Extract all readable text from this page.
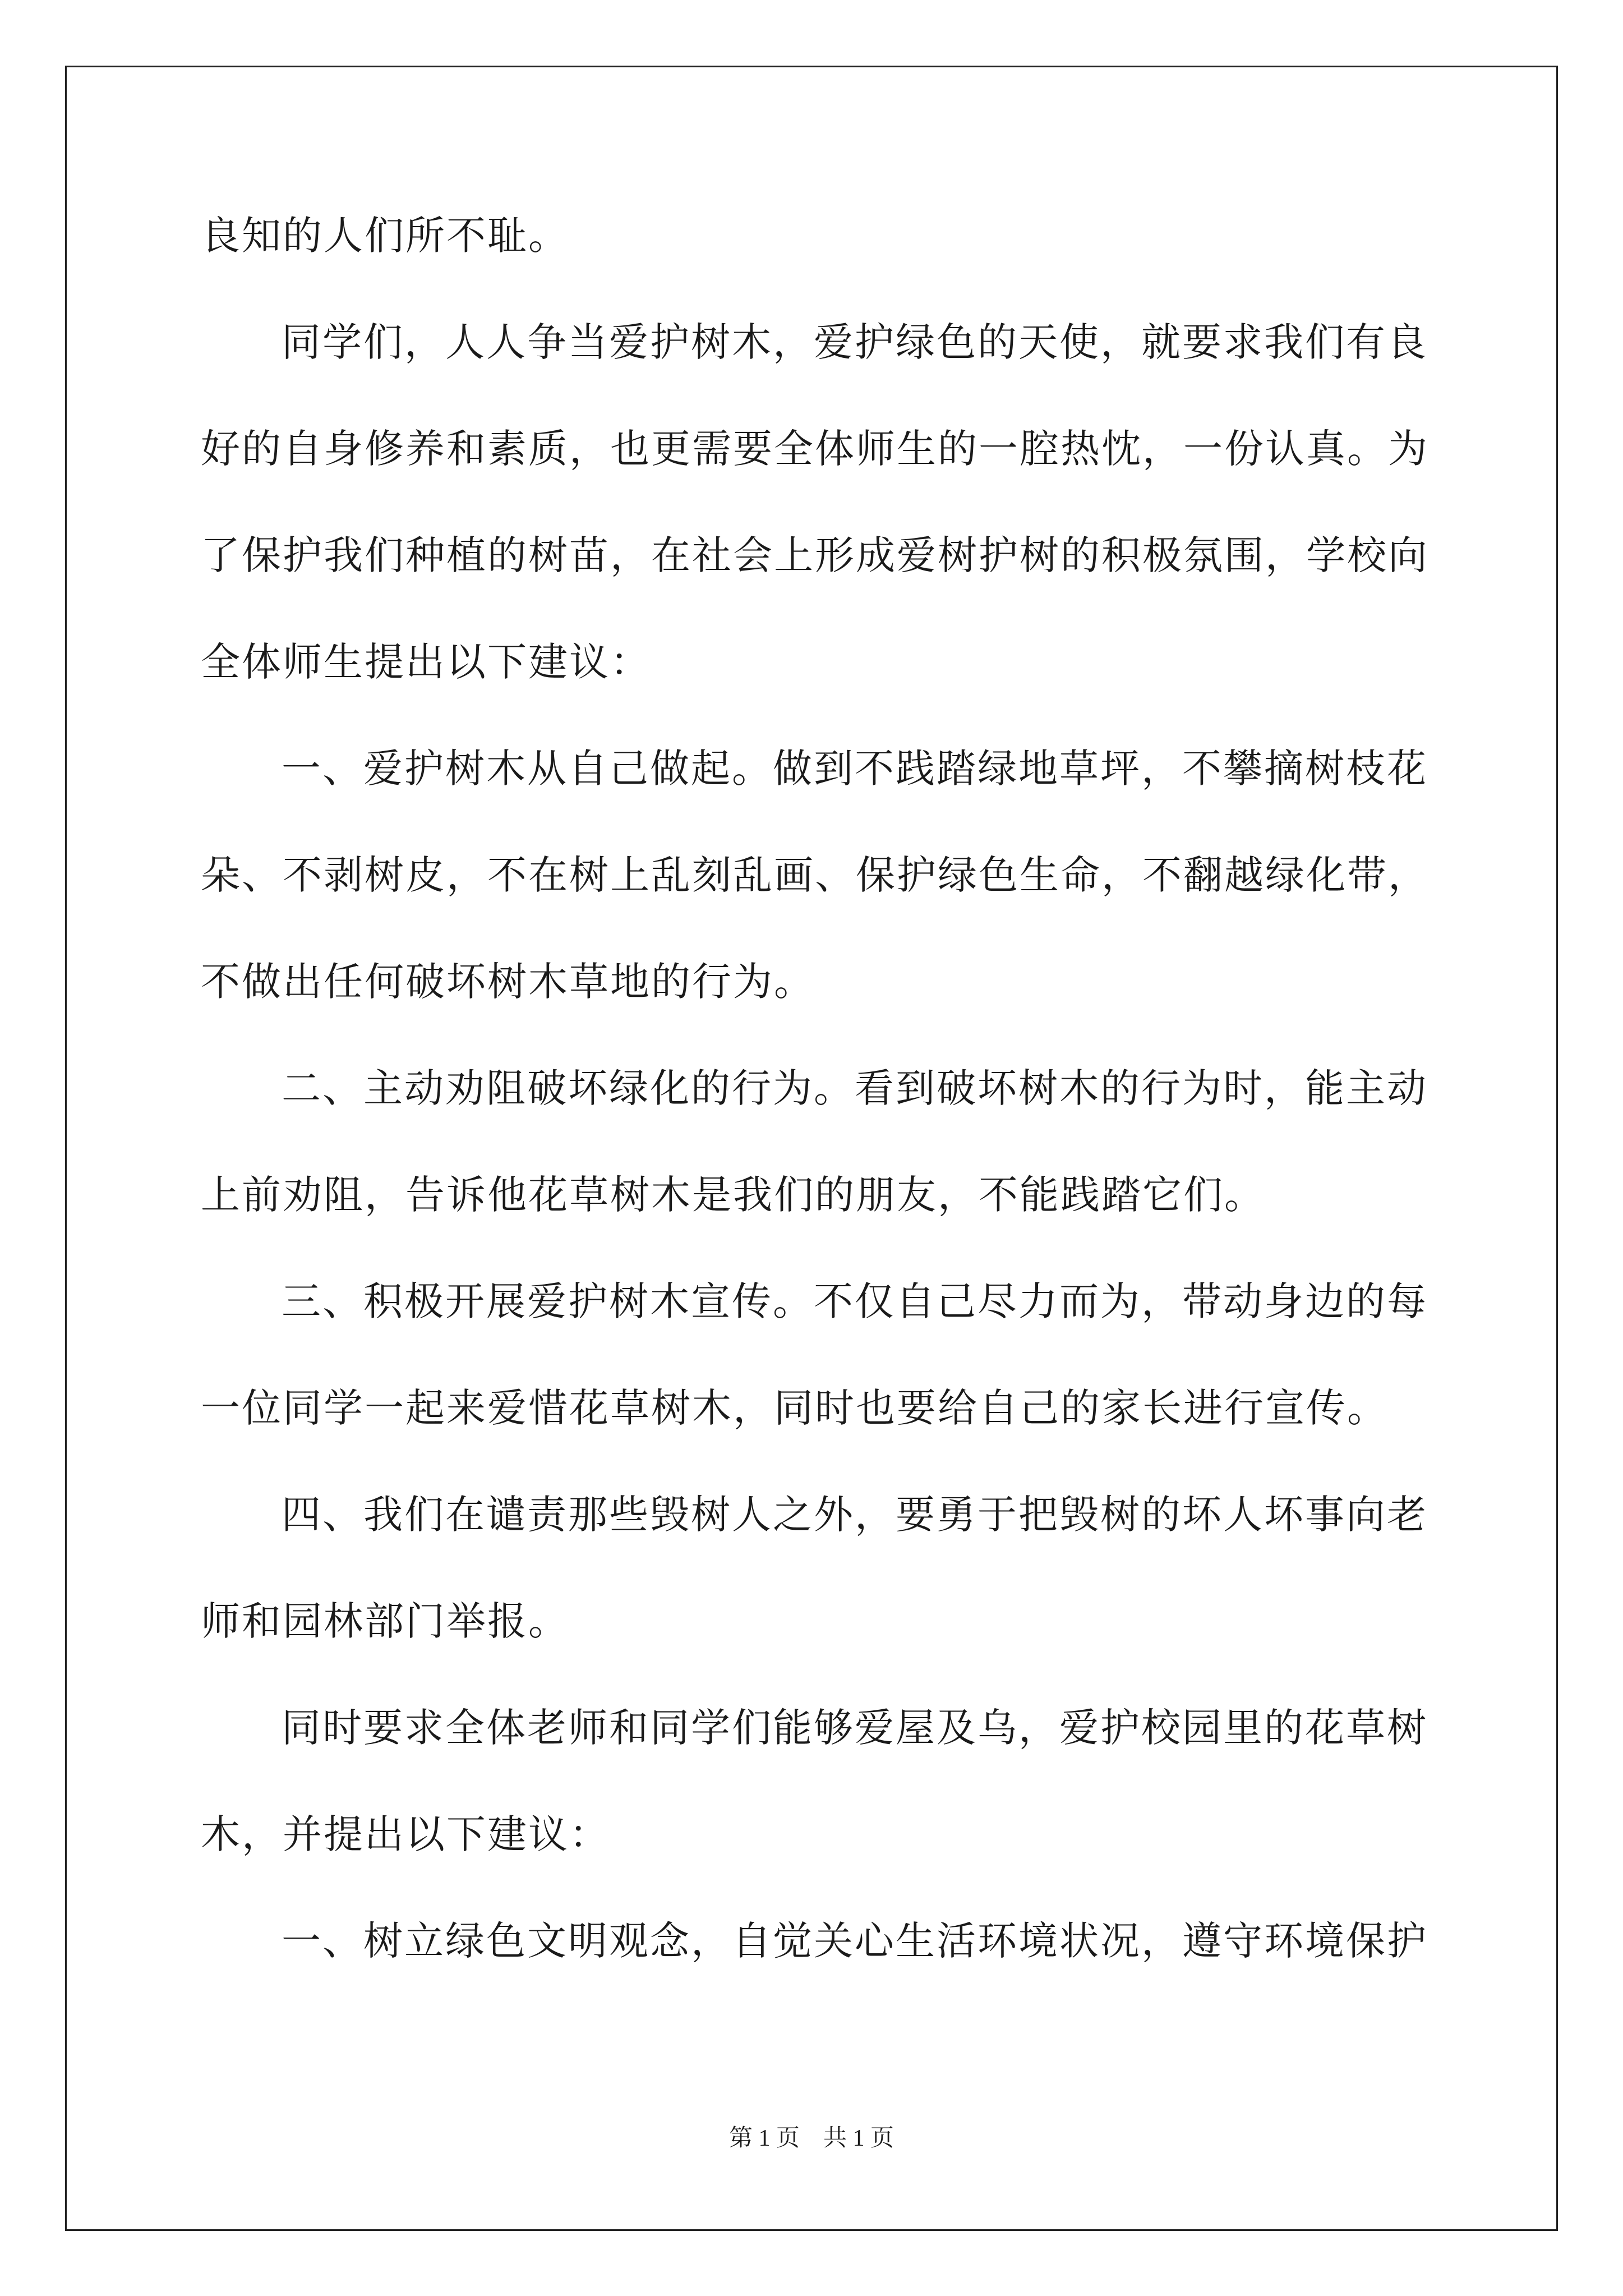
良知的人们所不耻。
同学们，人人争当爱护树木，爱护绿色的天使，就要求我们有良
好的自身修养和素质，也更需要全体师生的一腔热忱，一份认真。为
了保护我们种植的树苗，在社会上形成爱树护树的积极氛围，学校向
全体师生提出以下建议：
一、爱护树木从自己做起。做到不践踏绿地草坪，不攀摘树枝花
朵、不剥树皮，不在树上乱刻乱画、保护绿色生命，不翻越绿化带，
不做出任何破坏树木草地的行为。
二、主动劝阻破坏绿化的行为。看到破坏树木的行为时，能主动
上前劝阻，告诉他花草树木是我们的朋友，不能践踏它们。
三、积极开展爱护树木宣传。不仅自己尽力而为，带动身边的每
一位同学一起来爱惜花草树木，同时也要给自己的家长进行宣传。
四、我们在谴责那些毁树人之外，要勇于把毁树的坏人坏事向老
师和园林部门举报。
同时要求全体老师和同学们能够爱屋及乌，爱护校园里的花草树
木，并提出以下建议：
一、树立绿色文明观念，自觉关心生活环境状况，遵守环境保护
第 1 页　共 1 页
